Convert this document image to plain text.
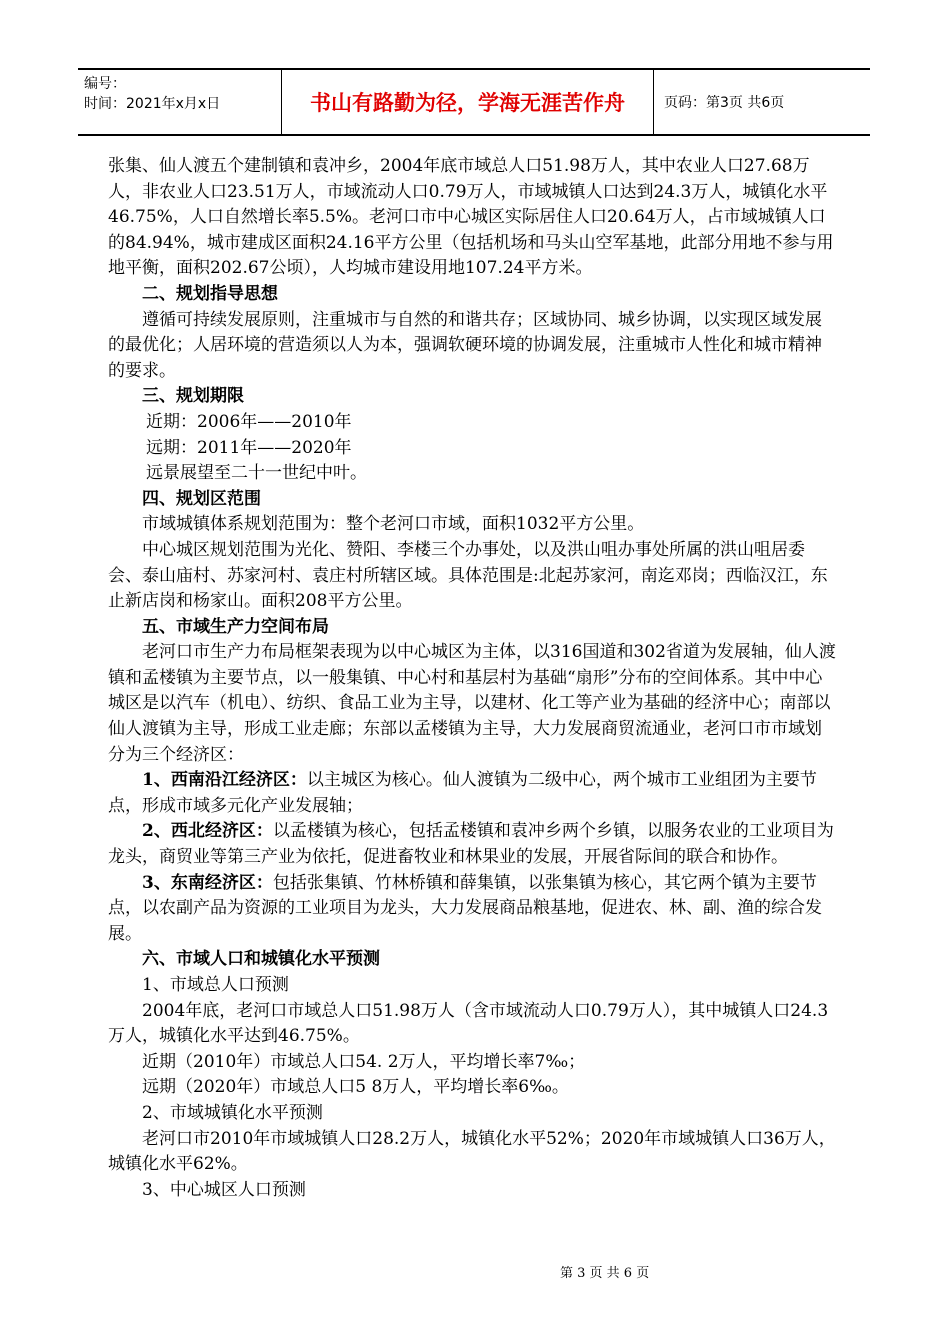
编号：
时间：2021年x月x日	书山有路勤为径，学海无涯苦作舟	页码：第3页 共6页

张集、仙人渡五个建制镇和袁冲乡，2004年底市域总人口51.98万人，其中农业人口27.68万人，非农业人口23.51万人，市域流动人口0.79万人，市域城镇人口达到24.3万人，城镇化水平46.75%，人口自然增长率5.5%。老河口市中心城区实际居住人口20.64万人，占市域城镇人口的84.94%，城市建成区面积24.16平方公里（包括机场和马头山空军基地，此部分用地不参与用地平衡，面积202.67公顷），人均城市建设用地107.24平方米。

二、规划指导思想

遵循可持续发展原则，注重城市与自然的和谐共存；区域协同、城乡协调，以实现区域发展的最优化；人居环境的营造须以人为本，强调软硬环境的协调发展，注重城市人性化和城市精神的要求。

三、规划期限

近期：2006年——2010年

远期：2011年——2020年

远景展望至二十一世纪中叶。

四、规划区范围

市域城镇体系规划范围为：整个老河口市域，面积1032平方公里。

中心城区规划范围为光化、赞阳、李楼三个办事处，以及洪山咀办事处所属的洪山咀居委会、泰山庙村、苏家河村、袁庄村所辖区域。具体范围是:北起苏家河，南迄邓岗；西临汉江，东止新店岗和杨家山。面积208平方公里。

五、市域生产力空间布局

老河口市生产力布局框架表现为以中心城区为主体，以316国道和302省道为发展轴，仙人渡镇和孟楼镇为主要节点，以一般集镇、中心村和基层村为基础“扇形”分布的空间体系。其中中心城区是以汽车（机电）、纺织、食品工业为主导，以建材、化工等产业为基础的经济中心；南部以仙人渡镇为主导，形成工业走廊；东部以孟楼镇为主导，大力发展商贸流通业，老河口市市域划分为三个经济区：

1、西南沿江经济区：以主城区为核心。仙人渡镇为二级中心，两个城市工业组团为主要节点，形成市域多元化产业发展轴；

2、西北经济区：以孟楼镇为核心，包括孟楼镇和袁冲乡两个乡镇，以服务农业的工业项目为龙头，商贸业等第三产业为依托，促进畜牧业和林果业的发展，开展省际间的联合和协作。

3、东南经济区：包括张集镇、竹林桥镇和薛集镇，以张集镇为核心，其它两个镇为主要节点，以农副产品为资源的工业项目为龙头，大力发展商品粮基地，促进农、林、副、渔的综合发展。

六、市域人口和城镇化水平预测

1、市域总人口预测

2004年底，老河口市域总人口51.98万人（含市域流动人口0.79万人），其中城镇人口24.3万人，城镇化水平达到46.75%。

近期（2010年）市域总人口54. 2万人，平均增长率7‰；

远期（2020年）市域总人口5 8万人，平均增长率6‰。

2、市域城镇化水平预测

老河口市2010年市域城镇人口28.2万人，城镇化水平52%；2020年市域城镇人口36万人，城镇化水平62%。

3、中心城区人口预测

第 3 页 共 6 页
